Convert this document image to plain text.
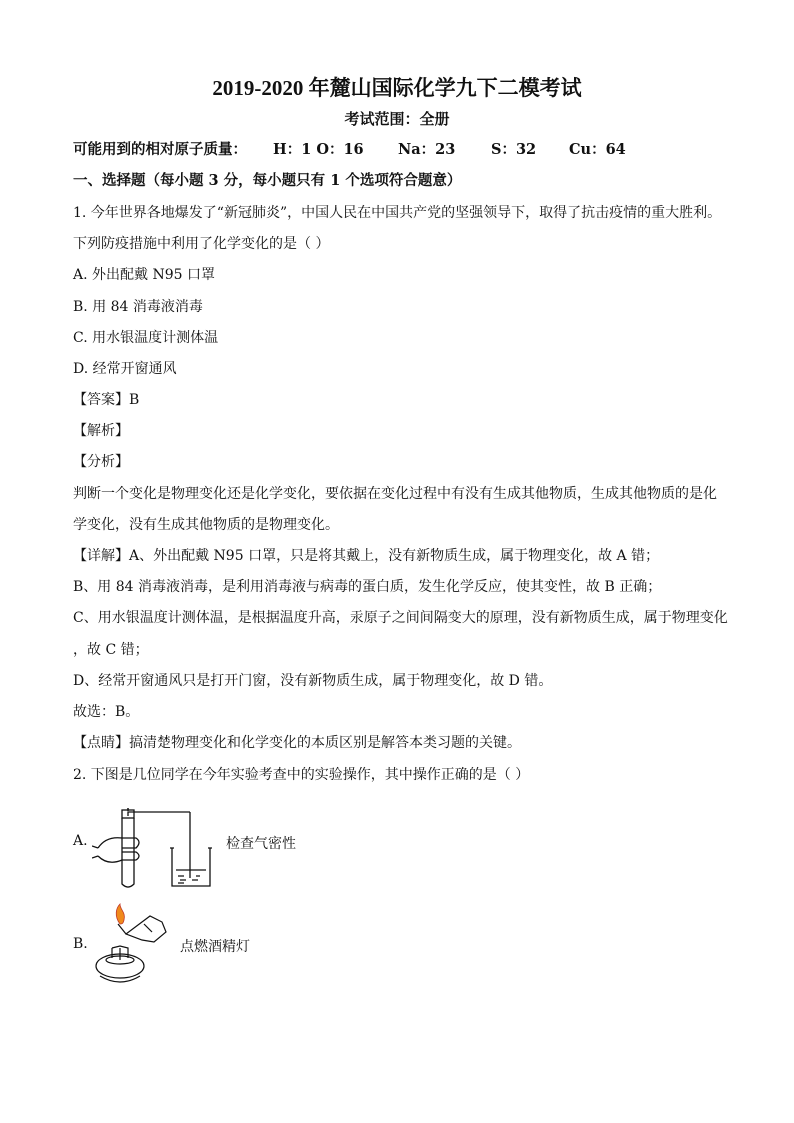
2019-2020 年麓山国际化学九下二模考试
考试范围：全册
可能用到的相对原子质量：	H：1 O：16	Na：23	S：32	Cu：64
一、选择题（每小题 3 分，每小题只有 1 个选项符合题意）
1. 今年世界各地爆发了“新冠肺炎”，中国人民在中国共产党的坚强领导下，取得了抗击疫情的重大胜利。
下列防疫措施中利用了化学变化的是（ ）
A. 外出配戴 N95 口罩
B. 用 84 消毒液消毒
C. 用水银温度计测体温
D. 经常开窗通风
【答案】B
【解析】
【分析】
判断一个变化是物理变化还是化学变化，要依据在变化过程中有没有生成其他物质，生成其他物质的是化
学变化，没有生成其他物质的是物理变化。
【详解】A、外出配戴 N95 口罩，只是将其戴上，没有新物质生成，属于物理变化，故 A 错；
B、用 84 消毒液消毒，是利用消毒液与病毒的蛋白质，发生化学反应，使其变性，故 B 正确；
C、用水银温度计测体温，是根据温度升高，汞原子之间间隔变大的原理，没有新物质生成，属于物理变化
，故 C 错；
D、经常开窗通风只是打开门窗，没有新物质生成，属于物理变化，故 D 错。
故选：B。
【点睛】搞清楚物理变化和化学变化的本质区别是解答本类习题的关键。
2. 下图是几位同学在今年实验考查中的实验操作，其中操作正确的是（ ）
A.	检查气密性
B.	点燃酒精灯
